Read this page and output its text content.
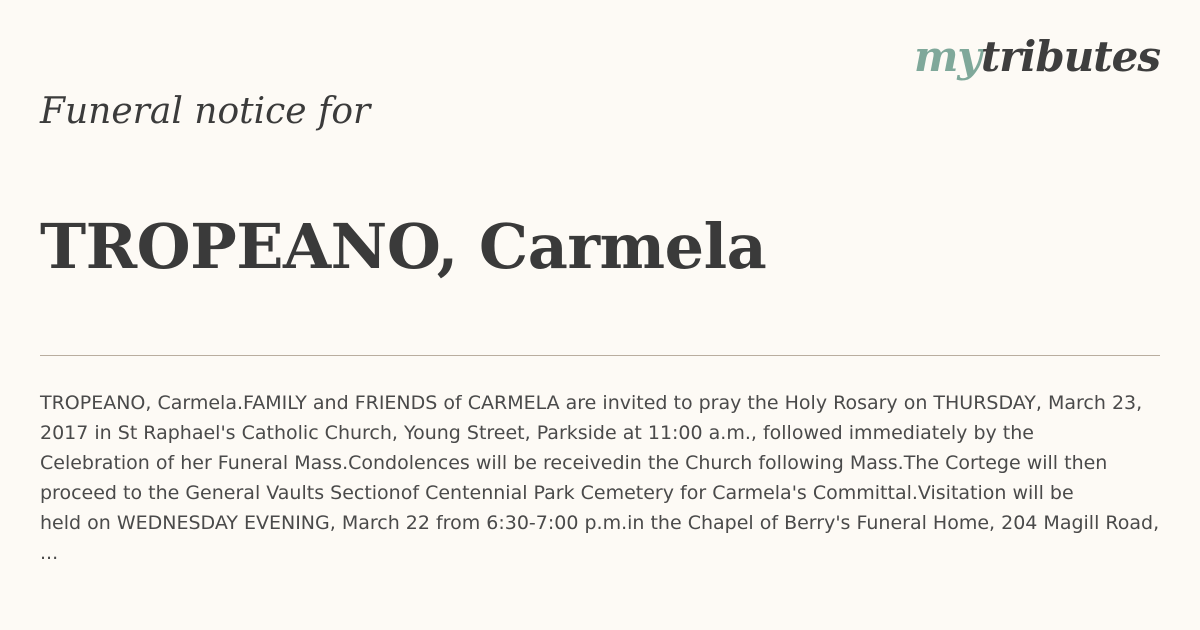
mytributes
Funeral notice for
TROPEANO, Carmela
TROPEANO, Carmela.FAMILY and FRIENDS of CARMELA are invited to pray the Holy Rosary on THURSDAY, March 23,
2017 in St Raphael's Catholic Church, Young Street, Parkside at 11:00 a.m., followed immediately by the
Celebration of her Funeral Mass.Condolences will be receivedin the Church following Mass.The Cortege will then
proceed to the General Vaults Sectionof Centennial Park Cemetery for Carmela's Committal.Visitation will be
held on WEDNESDAY EVENING, March 22 from 6:30-7:00 p.m.in the Chapel of Berry's Funeral Home, 204 Magill Road,
...
